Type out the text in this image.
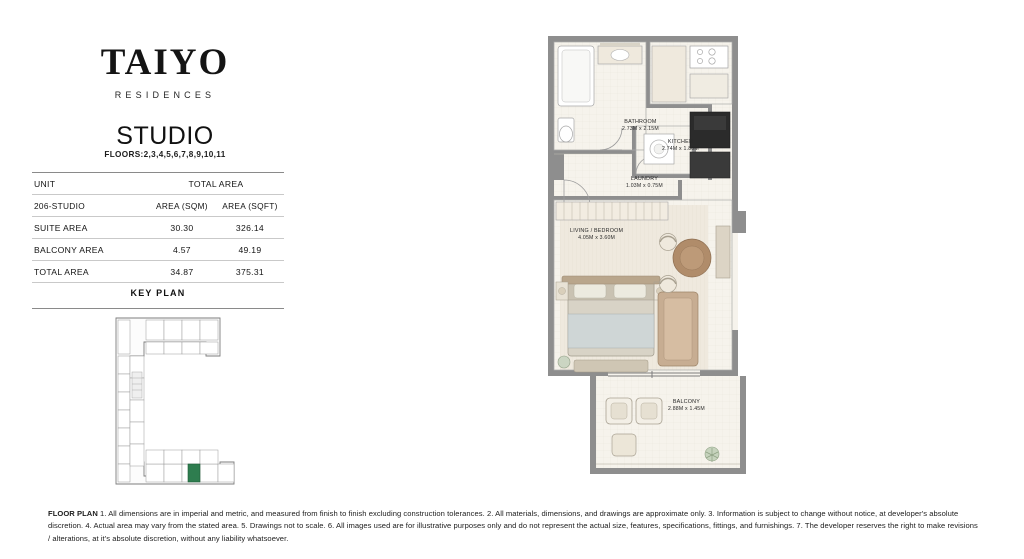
TAIYO
RESIDENCES
STUDIO
FLOORS:2,3,4,5,6,7,8,9,10,11
UNIT	TOTAL AREA	
206-STUDIO	AREA (SQM)	AREA (SQFT)
SUITE AREA	30.30	326.14
BALCONY AREA	4.57	49.19
TOTAL AREA	34.87	375.31
KEY PLAN
BATHROOM
2.73M x 2.15M
KITCHEN
2.74M x 1.80M
LAUNDRY
1.03M x 0.75M
LIVING / BEDROOM
4.05M x 3.60M
BALCONY
2.88M x 1.45M
FLOOR PLAN 1. All dimensions are in imperial and metric, and measured from finish to finish excluding construction tolerances. 2. All materials, dimensions, and drawings are approximate only. 3. Information is subject to change without notice, at developer's absolute discretion. 4. Actual area may vary from the stated area. 5. Drawings not to scale. 6. All images used are for illustrative purposes only and do not represent the actual size, features, specifications, fittings, and furnishings. 7. The developer reserves the right to make revisions / alterations, at it's absolute discretion, without any liability whatsoever.
